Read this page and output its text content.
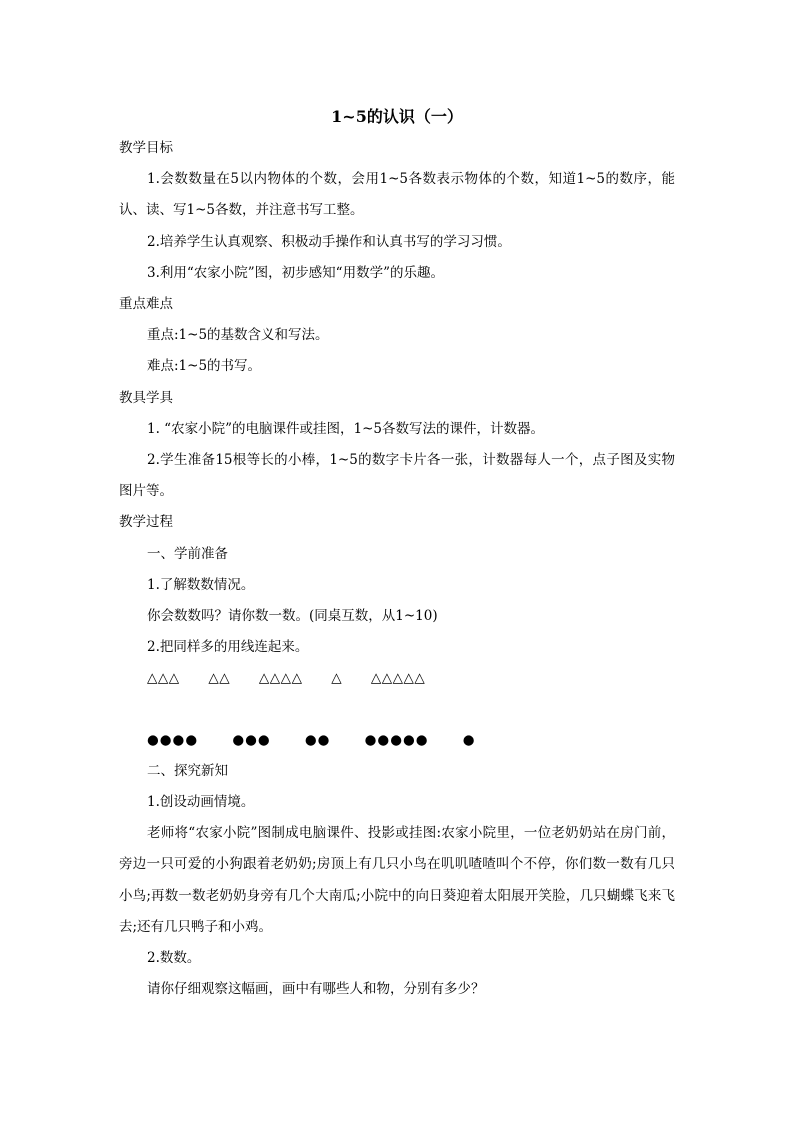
1~5的认识（一）

教学目标

1.会数数量在5以内物体的个数，会用1~5各数表示物体的个数，知道1~5的数序，能认、读、写1~5各数，并注意书写工整。

2.培养学生认真观察、积极动手操作和认真书写的学习习惯。

3.利用“农家小院”图，初步感知“用数学”的乐趣。

重点难点

重点:1~5的基数含义和写法。

难点:1~5的书写。

教具学具

1. “农家小院”的电脑课件或挂图，1~5各数写法的课件，计数器。

2.学生准备15根等长的小棒，1~5的数字卡片各一张，计数器每人一个，点子图及实物图片等。

教学过程

一、学前准备

1.了解数数情况。

你会数数吗？请你数一数。(同桌互数，从1~10)

2.把同样多的用线连起来。

△△△ △△ △△△△ △ △△△△△

●●●●	●●●	●●	●●●●●	●

二、探究新知

1.创设动画情境。

老师将“农家小院”图制成电脑课件、投影或挂图:农家小院里，一位老奶奶站在房门前，旁边一只可爱的小狗跟着老奶奶;房顶上有几只小鸟在叽叽喳喳叫个不停，你们数一数有几只小鸟;再数一数老奶奶身旁有几个大南瓜;小院中的向日葵迎着太阳展开笑脸，几只蝴蝶飞来飞去;还有几只鸭子和小鸡。

2.数数。

请你仔细观察这幅画，画中有哪些人和物，分别有多少？
